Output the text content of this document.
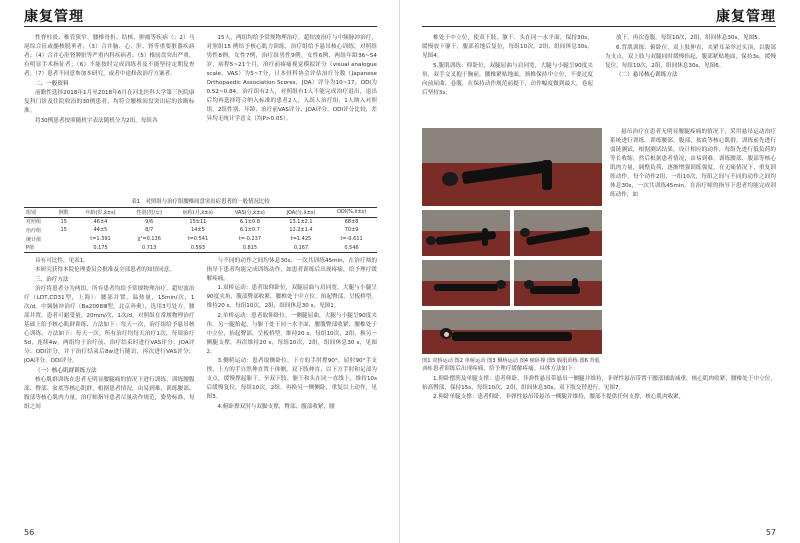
康复管理

性脊柱炎、椎管狭窄、腰椎骨折、结核、肿瘤等疾病（；2）马尾综合征或髓核脱垂者；（3）合并脑、心、肝、肾等重要脏器疾病者；（4）合并心肝肾脾脏等严重内科疾病者；（5）椎间盘突出严重，有明显手术指征者；（6）不能按时完成训练者及不能坚持定期复查者。（7）患者不同意参加本研究，或者中途修改治疗方案者。

二、一般资料

前瞻性选择2018年1月至2018年6月在河北医科大学第三医院康复科门诊及住院收治的30例患者，均符合腰椎间盘突出症的诊断标准。

将30例患者按照随机字表法随机分为2组，每组各

15人，两组均给予常规物理治疗，超短波治疗与中频脉冲治疗，对照组15 例给予核心肌力训练，治疗组给予悬吊核心训练。对照组男性8例，女性7例，治疗组男性9例，女性6例，两组年龄36~54岁，病程5~21个月，治疗前疼痛视觉模拟评分（visual analogue scale，VAS）为5~7分，日本骨科协会评估治疗分数（Japanese Orthopaedic Association Scores，JOA）评分为10~17，ODI为0.52~0.84。治疗组有2人，对照组有1人不能完成治疗退出，退出后均再选择符合纳入标准的患者2人，入组人治疗组，1人纳入对照组。2组性别、年龄、治疗前VAS评分、JOA评分、ODI评分比较，差异均无统计学意义（均P>0.05）。

表1　对照组与治疗组腰椎间盘突出症患者的一般情况比较
组别	例数	年龄(岁,x̄±s)	性别(男/女)	病程(月,x̄±s)	VAS(分,x̄±s)	JOA(分,x̄±s)	ODI(%,x̄±s)
对照组	15	46±4	9/6	15±11	6.1±0.8	13.1±2.1	68±8
治疗组	15	44±5	8/7	14±5	6.1±0.7	12.2±1.4	70±9
统计值		t=1.391	χ²=0.136	t=0.541	t=-0.237	t=1.425	t=-0.611
P值		0.175	0.713	0.593	0.815	0.167	0.546

具有可比性，见表1。

本研究获得本院伦理委员会批准及全部患者的知情同意。

三、治疗方法

治疗将患者分为两组，所有患者均给予常规物理治疗，超短波治疗（LDT,CD31型，上海）：腰部并置，温热量，15min/次，1次/d。中频脉冲治疗（Ba2008Ⅲ型，北京奔奥），选用3号处方，腰部并置，患者可耐受量，20min/次，1次/d。对照组在常规物理治疗基础上给予核心肌群训练，方法如下：每天一次，治疗组给予悬吊核心训练，方法如下：每天一次。所有治疗均每天治疗1次，每周治疗5d，连续4w。两组均于治疗前、治疗结束时进行VAS评分、JOA评分、ODI评分，并于治疗结束后8w进行随访，再次进行VAS评分、JOA评分、ODI评分。

（一）核心肌群训练方法

核心肌群训练在患者无明显腰腿痛的情况下进行训练，训练腰腹部、臀部、盆底等核心肌群，根据患者情况，由易到难，训练腰部、腹部等核心肌肉力量，治疗师指导患者尽量动作规范，姿势标准，每组之间

与不同的动作之间均休息30s，一次共训练45min，在治疗师的指导下患者均能完成训练动作，如患者训练后出现疼痛，给予理疗缓解疼痛。

1.双桥运动：患者取仰卧位，双腿屈曲与肩同宽，大腿与小腿呈90度夹角，腹部臀部收紧，腰椎处于中立位，抬起臀部，呈板桥型。维持20 s，每组10次，2组，组间休息30 s，见图1。

2.单桥运动：患者取仰卧位，一侧腿屈曲，大腿与小腿呈90度夹角，另一腿抬起，与躯干处于同一水平面，腰腹臀部收紧，腰椎处于中立位，抬起臀部，呈板桥型。维持20 s，每组10次，2组，换另一侧腿支撑，再次维持20 s，每组10次，2组，组间休息30 s，见图2。

3.侧桥运动：患者取侧卧位，下方的手肘撑90°，屈肘90°手支撑，上方的手自然伸直置于体侧，双下肢伸直，以下方手肘和足部为支点，缓慢撑起躯干，至双下肢、躯干和头在同一直线上，维持10s后缓慢复位，每组10次，2组，再换另一侧侧卧，重复以上动作，见图3。

4.俯卧撑双肘与双脚支撑，臀部、腹部收紧，腰

56
康复管理

椎处于中立位，使双下肢、躯干、头在同一水平面，保持30s，缓慢放下躯干，腹部着地后复位，每组10次，2组，组间休息30s，见图4。

5.腹肌训练：仰卧位，双腿屈曲与肩同宽，大腿与小腿呈90度夹角，双手交叉抱于胸前，腰椎紧贴地面，颈椎保持中立位，不要过度向前屈曲，卷腹，在保持动作规范前提下，动作幅度做到最大，卷起后坚持3s，

放下，再次卷腹，每组10次，2组，组间休息30s，见图5。

6.背肌训练：俯卧位，双上肢伸直，夹紧耳朵举过头顶，以腹部为支点，双上肢与双腿同时缓慢抬起，腹部紧贴地面，保持3s，缓慢复位，每组10次，2组，组间休息30s，见图6。

（二）悬吊核心训练方法

图1 双桥运动 图2 单桥运动 图3 侧桥运动 图4 俯卧撑 图5 腹肌训练 图6 背肌训练

悬吊治疗在患者无明显腰腿疼痛的情况下，采用悬吊运动治疗系统进行训练。训练腰部、腹部、盆底等核心肌群。训练前先进行弱链测试，根据测试结果，设计相应的动作，每组先进行低负荷的等长收缩，然后根据患者情况，由易到难，训练腰部、腹部等核心肌肉力量，调整负荷，逐渐增强训练强度，在无痛情况下，重复训练动作，每个动作2组，一组10次，每组之间与不同的动作之间均休息30s，一次共训练45min。在治疗师的指导下患者均能完成训练动作，如

患者训练后出现疼痛，给予理疗缓解疼痛。具体方法如下：

1.仰卧摆胯及单腿支撑：患者仰卧，非弹性悬吊带悬吊一侧腿并维持，非弹性悬吊带置于腰部辅助减重，核心肌肉收紧，腰椎处于中立位，抬高臀部，保持15s，每组10次，2组，组间休息30s，双下肢交替进行，见图7。

2.仰卧单腿支撑：患者仰卧，非弹性悬吊带悬吊一侧腿并维持，腰部不提供任何支撑，核心肌肉收紧，

57
